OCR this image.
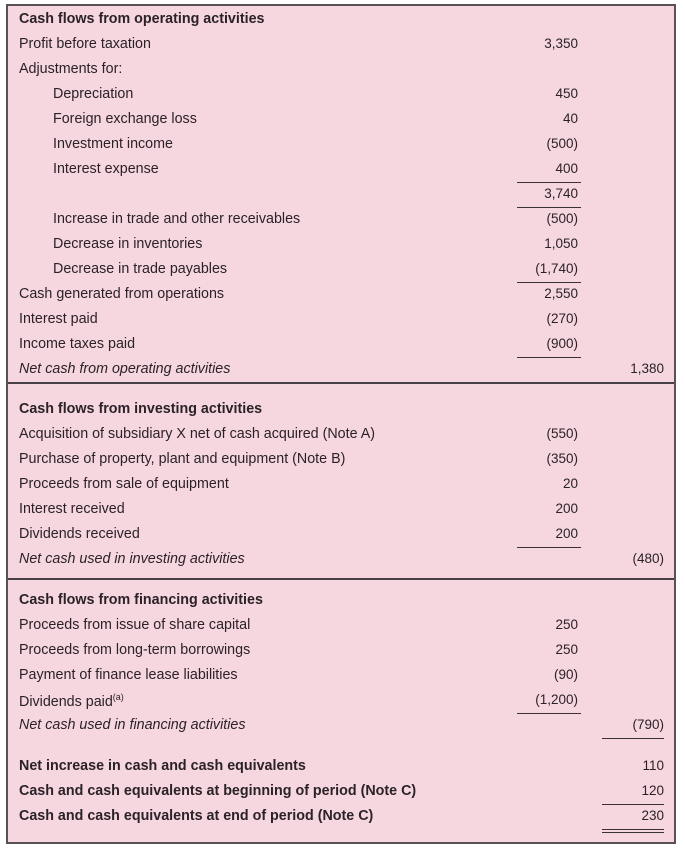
Cash flows from operating activities
Profit before taxation	3,350
Adjustments for:
Depreciation	450
Foreign exchange loss	40
Investment income	(500)
Interest expense	400
3,740
Increase in trade and other receivables	(500)
Decrease in inventories	1,050
Decrease in trade payables	(1,740)
Cash generated from operations	2,550
Interest paid	(270)
Income taxes paid	(900)
Net cash from operating activities	1,380
Cash flows from investing activities
Acquisition of subsidiary X net of cash acquired (Note A)	(550)
Purchase of property, plant and equipment (Note B)	(350)
Proceeds from sale of equipment	20
Interest received	200
Dividends received	200
Net cash used in investing activities	(480)
Cash flows from financing activities
Proceeds from issue of share capital	250
Proceeds from long-term borrowings	250
Payment of finance lease liabilities	(90)
Dividends paid$^{(a)}$	(1,200)
Net cash used in financing activities	(790)
Net increase in cash and cash equivalents	110
Cash and cash equivalents at beginning of period (Note C)	120
Cash and cash equivalents at end of period (Note C)	230
